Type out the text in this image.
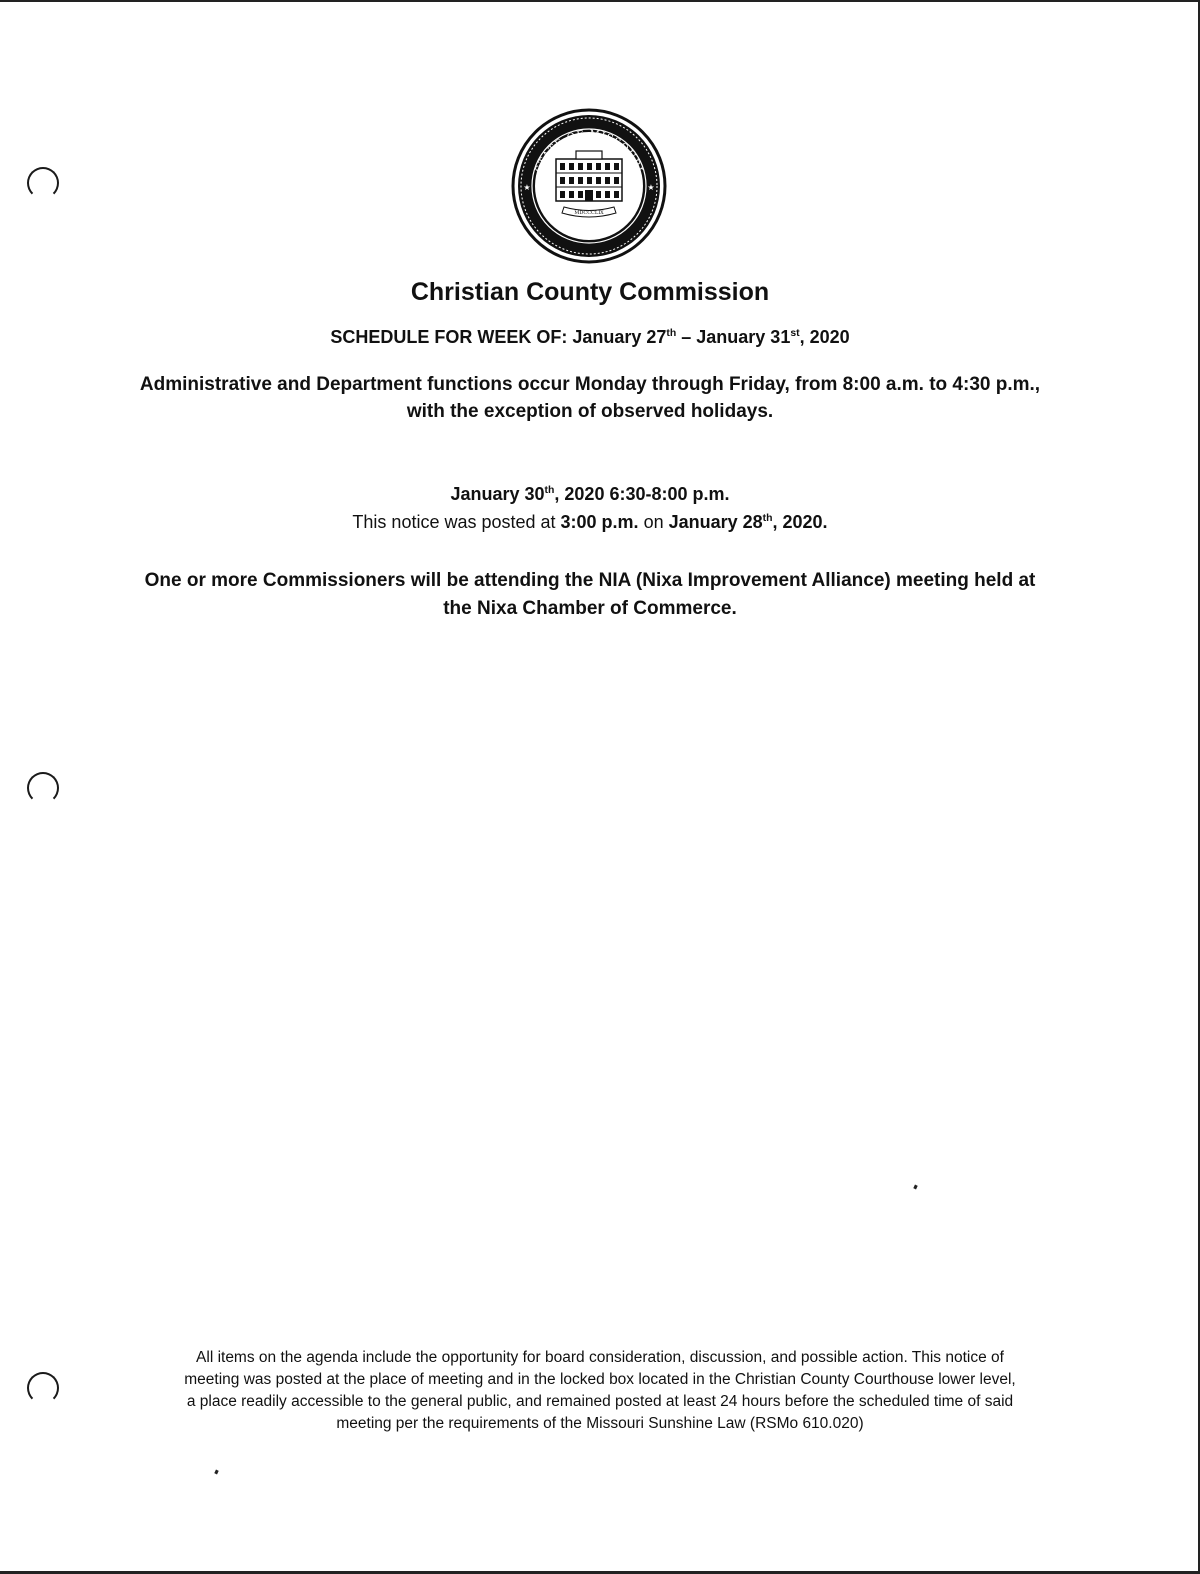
STATE OF MISSOURI
COUNTY OF CHRISTIAN
★	★
MDCCCLIX
Christian County Commission
SCHEDULE FOR WEEK OF: January 27th – January 31st, 2020
Administrative and Department functions occur Monday through Friday, from 8:00 a.m. to 4:30 p.m.,
with the exception of observed holidays.
January 30th, 2020 6:30-8:00 p.m.
This notice was posted at 3:00 p.m. on January 28th, 2020.
One or more Commissioners will be attending the NIA (Nixa Improvement Alliance) meeting held at
the Nixa Chamber of Commerce.
All items on the agenda include the opportunity for board consideration, discussion, and possible action. This notice of
meeting was posted at the place of meeting and in the locked box located in the Christian County Courthouse lower level,
a place readily accessible to the general public, and remained posted at least 24 hours before the scheduled time of said
meeting per the requirements of the Missouri Sunshine Law (RSMo 610.020)
